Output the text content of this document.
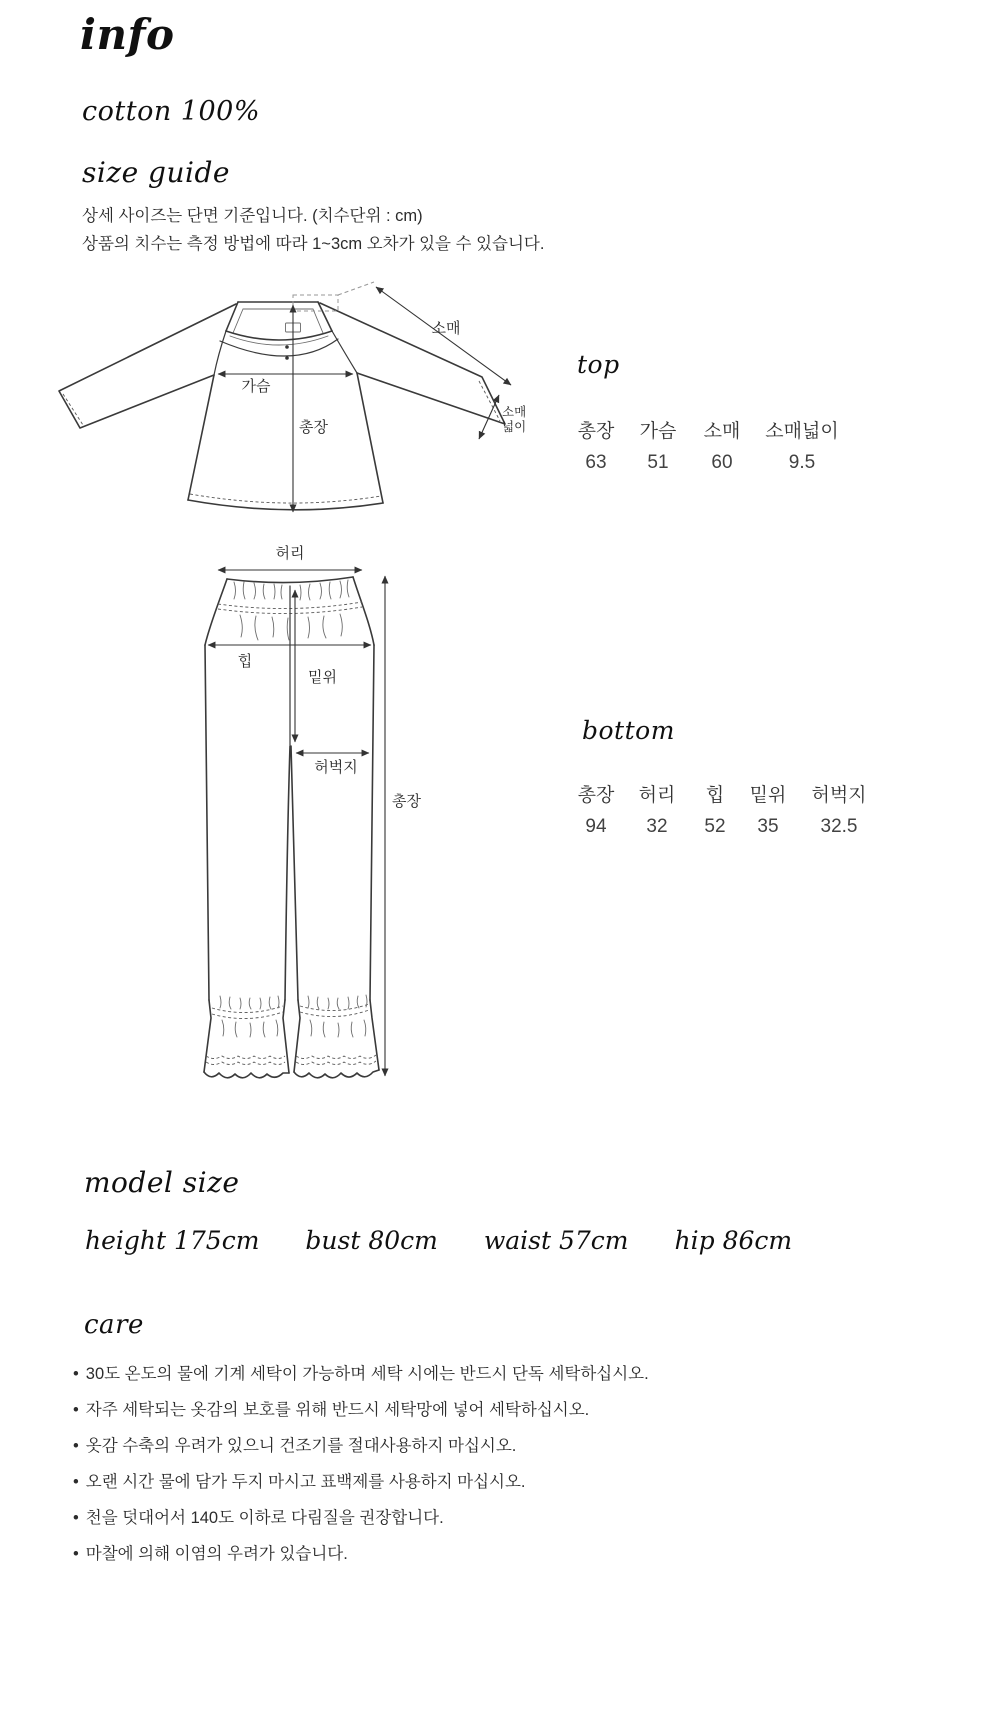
info
cotton 100%
size guide

상세 사이즈는 단면 기준입니다. (치수단위 : cm)

상품의 치수는 측정 방법에 따라 1~3cm 오차가 있을 수 있습니다.

소매
가슴
총장
소매
넓이
top
총장	가슴	소매	소매넓이
63	51	60	9.5
허리
밑위
힙
허벅지
총장
bottom
총장	허리	힙	밑위	허벅지
94	32	52	35	32.5
model size
height 175cm bust 80cm waist 57cm hip 86cm
care
• 30도 온도의 물에 기계 세탁이 가능하며 세탁 시에는 반드시 단독 세탁하십시오.
• 자주 세탁되는 옷감의 보호를 위해 반드시 세탁망에 넣어 세탁하십시오.
• 옷감 수축의 우려가 있으니 건조기를 절대사용하지 마십시오.
• 오랜 시간 물에 담가 두지 마시고 표백제를 사용하지 마십시오.
• 천을 덧대어서 140도 이하로 다림질을 권장합니다.
• 마찰에 의해 이염의 우려가 있습니다.
